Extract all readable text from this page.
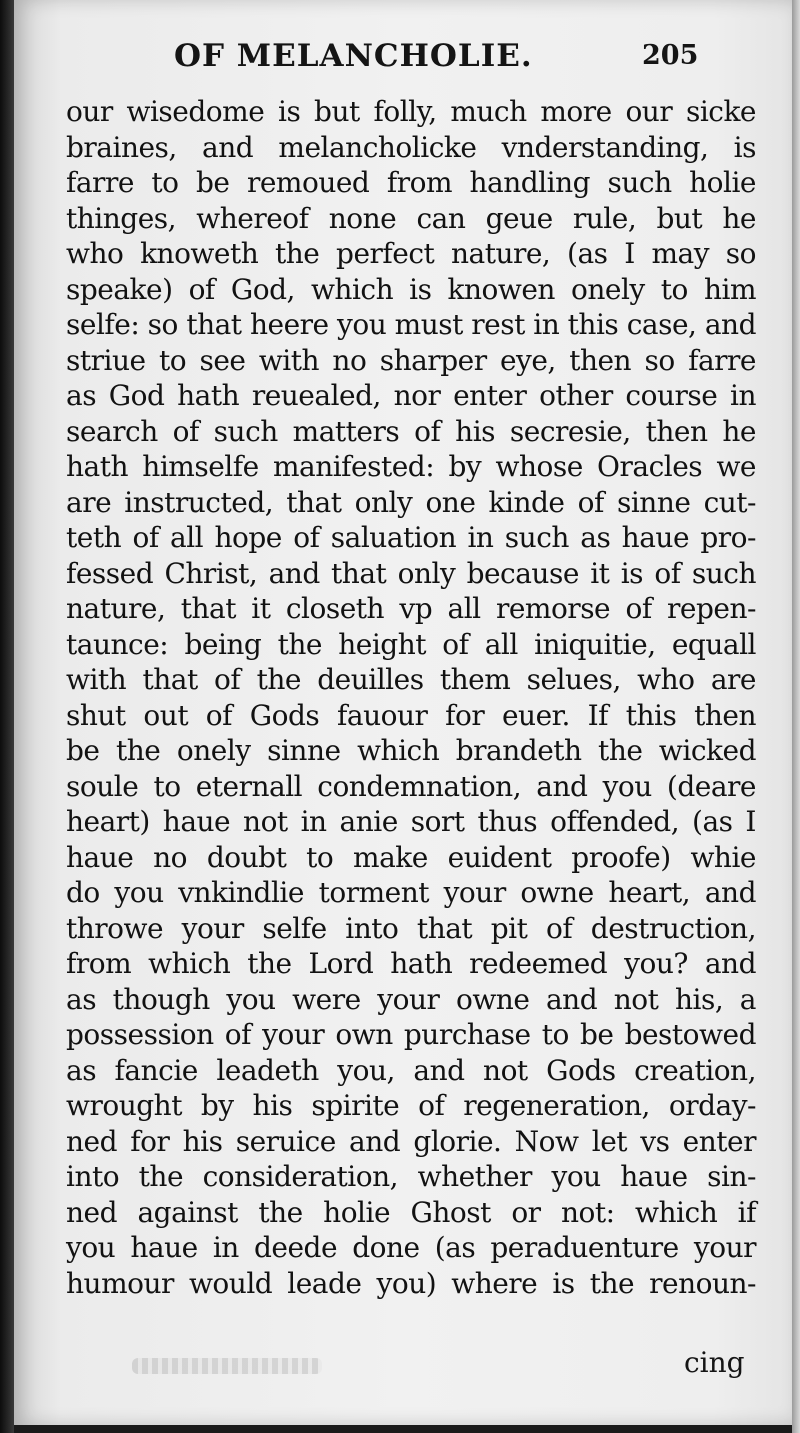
OF MELANCHOLIE.	205
our wisedome is but folly, much more our sicke
braines, and melancholicke vnderstanding, is
farre to be remoued from handling such holie
thinges, whereof none can geue rule, but he
who knoweth the perfect nature, (as I may so
speake) of God, which is knowen onely to him
selfe: so that heere you must rest in this case, and
striue to see with no sharper eye, then so farre
as God hath reuealed, nor enter other course in
search of such matters of his secresie, then he
hath himselfe manifested: by whose Oracles we
are instructed, that only one kinde of sinne cut-
teth of all hope of saluation in such as haue pro-
fessed Christ, and that only because it is of such
nature, that it closeth vp all remorse of repen-
taunce: being the height of all iniquitie, equall
with that of the deuilles them selues, who are
shut out of Gods fauour for euer. If this then
be the onely sinne which brandeth the wicked
soule to eternall condemnation, and you (deare
heart) haue not in anie sort thus offended, (as I
haue no doubt to make euident proofe) whie
do you vnkindlie torment your owne heart, and
throwe your selfe into that pit of destruction,
from which the Lord hath redeemed you? and
as though you were your owne and not his, a
possession of your own purchase to be bestowed
as fancie leadeth you, and not Gods creation,
wrought by his spirite of regeneration, orday-
ned for his seruice and glorie. Now let vs enter
into the consideration, whether you haue sin-
ned against the holie Ghost or not: which if
you haue in deede done (as peraduenture your
humour would leade you) where is the renoun-
cing
